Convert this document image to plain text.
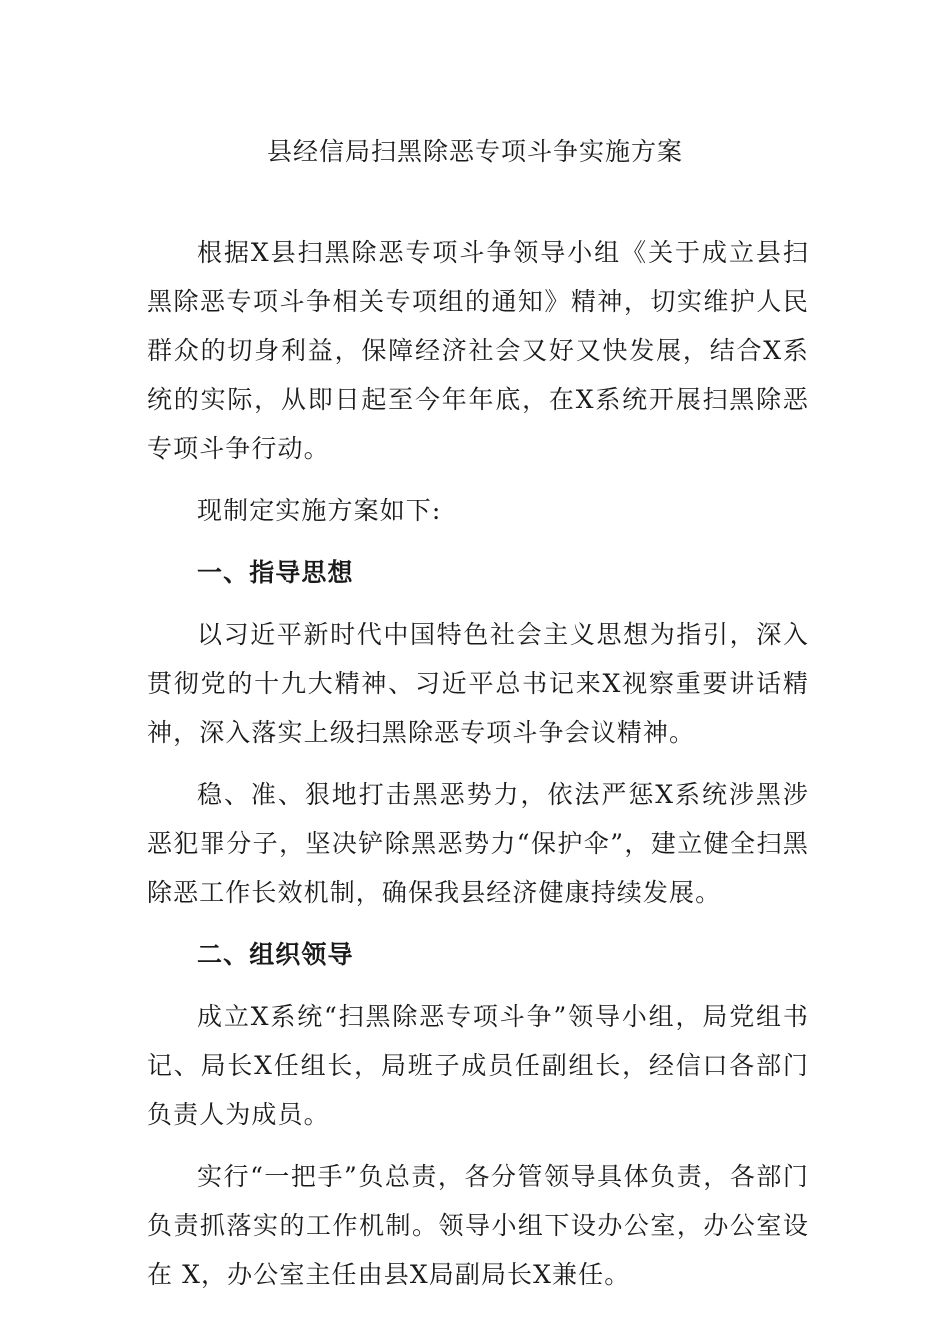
县经信局扫黑除恶专项斗争实施方案

根据X县扫黑除恶专项斗争领导小组《关于成立县扫黑除恶专项斗争相关专项组的通知》精神，切实维护人民群众的切身利益，保障经济社会又好又快发展，结合X系统的实际，从即日起至今年年底，在X系统开展扫黑除恶专项斗争行动。

现制定实施方案如下:

一、指导思想

以习近平新时代中国特色社会主义思想为指引，深入贯彻党的十九大精神、习近平总书记来X视察重要讲话精神，深入落实上级扫黑除恶专项斗争会议精神。

稳、准、狠地打击黑恶势力，依法严惩X系统涉黑涉恶犯罪分子，坚决铲除黑恶势力“保护伞”，建立健全扫黑除恶工作长效机制，确保我县经济健康持续发展。

二、组织领导

成立X系统“扫黑除恶专项斗争”领导小组，局党组书记、局长X任组长，局班子成员任副组长，经信口各部门负责人为成员。

实行“一把手”负总责，各分管领导具体负责，各部门负责抓落实的工作机制。领导小组下设办公室，办公室设在 X，办公室主任由县X局副局长X兼任。
